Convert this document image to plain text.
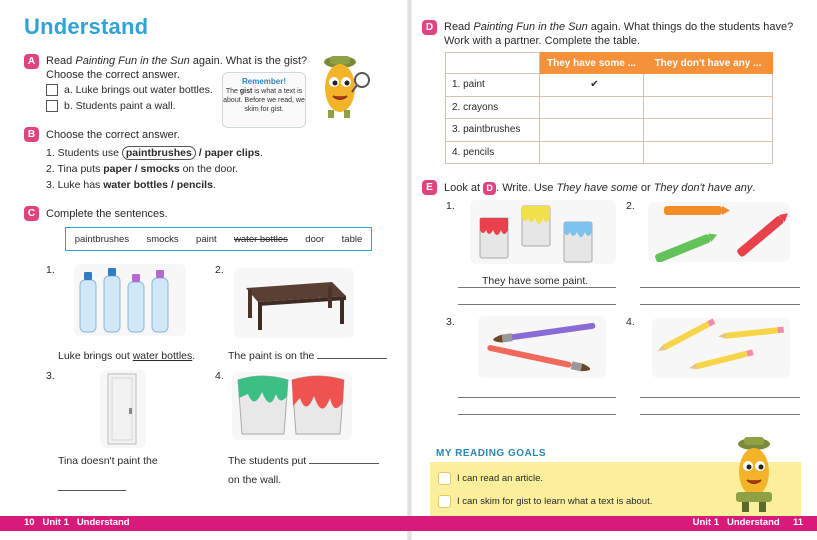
Understand
A Read Painting Fun in the Sun again. What is the gist?
Choose the correct answer.
a. Luke brings out water bottles.
b. Students paint a wall.
Remember!
The gist is what a text is about. Before we read, we skim for gist.
B Choose the correct answer.
1. Students use paintbrushes / paper clips.
2. Tina puts paper / smocks on the door.
3. Luke has water bottles / pencils.
C Complete the sentences.
paintbrushes smocks paint water bottles door table
1.
Luke brings out water bottles.
2.
The paint is on the
3.
Tina doesn't paint the
4.
The students put
on the wall.
D Read Painting Fun in the Sun again. What things do the students have?
Work with a partner. Complete the table.
	They have some ...	They don't have any ...
1. paint	✔	
2. crayons		
3. paintbrushes		
4. pencils		
E	Look at D . Write. Use They have some or They don't have any.
1.
They have some paint.
2.
3.	4.
MY READING GOALS
I can read an article.
I can skim for gist to learn what a text is about.
10 Unit 1 Understand	Unit 1 Understand 11
